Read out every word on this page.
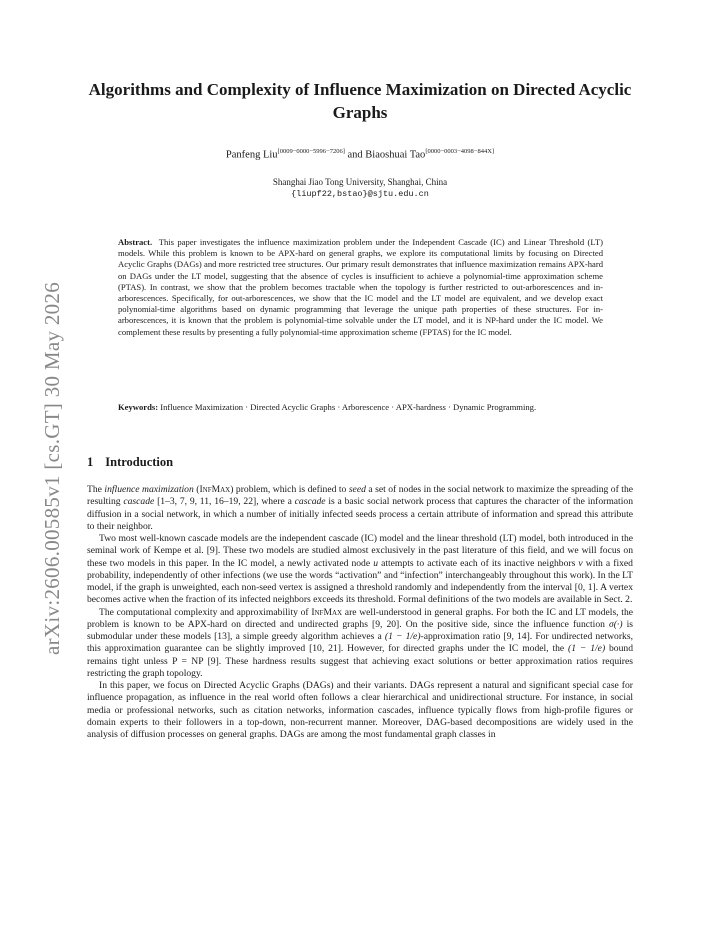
arXiv:2606.00585v1 [cs.GT] 30 May 2026
Algorithms and Complexity of Influence Maximization on Directed Acyclic Graphs
Panfeng Liu[0009−0000−5996−7206] and Biaoshuai Tao[0000−0003−4098−844X]
Shanghai Jiao Tong University, Shanghai, China
{liupf22,bstao}@sjtu.edu.cn
Abstract. This paper investigates the influence maximization problem under the Independent Cascade (IC) and Linear Threshold (LT) models. While this problem is known to be APX-hard on general graphs, we explore its computational limits by focusing on Directed Acyclic Graphs (DAGs) and more restricted tree structures. Our primary result demonstrates that influence maximization remains APX-hard on DAGs under the LT model, suggesting that the absence of cycles is insufficient to achieve a polynomial-time approximation scheme (PTAS). In contrast, we show that the problem becomes tractable when the topology is further restricted to out-arborescences and in-arborescences. Specifically, for out-arborescences, we show that the IC model and the LT model are equivalent, and we develop exact polynomial-time algorithms based on dynamic programming that leverage the unique path properties of these structures. For in-arborescences, it is known that the problem is polynomial-time solvable under the LT model, and it is NP-hard under the IC model. We complement these results by presenting a fully polynomial-time approximation scheme (FPTAS) for the IC model.
Keywords: Influence Maximization · Directed Acyclic Graphs · Arborescence · APX-hardness · Dynamic Programming.
1 Introduction

The influence maximization (InfMax) problem, which is defined to seed a set of nodes in the social network to maximize the spreading of the resulting cascade [1–3, 7, 9, 11, 16–19, 22], where a cascade is a basic social network process that captures the character of the information diffusion in a social network, in which a number of initially infected seeds process a certain attribute of information and spread this attribute to their neighbor.

Two most well-known cascade models are the independent cascade (IC) model and the linear threshold (LT) model, both introduced in the seminal work of Kempe et al. [9]. These two models are studied almost exclusively in the past literature of this field, and we will focus on these two models in this paper. In the IC model, a newly activated node u attempts to activate each of its inactive neighbors v with a fixed probability, independently of other infections (we use the words “activation” and “infection” interchangeably throughout this work). In the LT model, if the graph is unweighted, each non-seed vertex is assigned a threshold randomly and independently from the interval [0, 1]. A vertex becomes active when the fraction of its infected neighbors exceeds its threshold. Formal definitions of the two models are available in Sect. 2.

The computational complexity and approximability of InfMax are well-understood in general graphs. For both the IC and LT models, the problem is known to be APX-hard on directed and undirected graphs [9, 20]. On the positive side, since the influence function σ(·) is submodular under these models [13], a simple greedy algorithm achieves a (1 − 1/e)-approximation ratio [9, 14]. For undirected networks, this approximation guarantee can be slightly improved [10, 21]. However, for directed graphs under the IC model, the (1 − 1/e) bound remains tight unless P = NP [9]. These hardness results suggest that achieving exact solutions or better approximation ratios requires restricting the graph topology.

In this paper, we focus on Directed Acyclic Graphs (DAGs) and their variants. DAGs represent a natural and significant special case for influence propagation, as influence in the real world often follows a clear hierarchical and unidirectional structure. For instance, in social media or professional networks, such as citation networks, information cascades, influence typically flows from high-profile figures or domain experts to their followers in a top-down, non-recurrent manner. Moreover, DAG-based decompositions are widely used in the analysis of diffusion processes on general graphs. DAGs are among the most fundamental graph classes in
